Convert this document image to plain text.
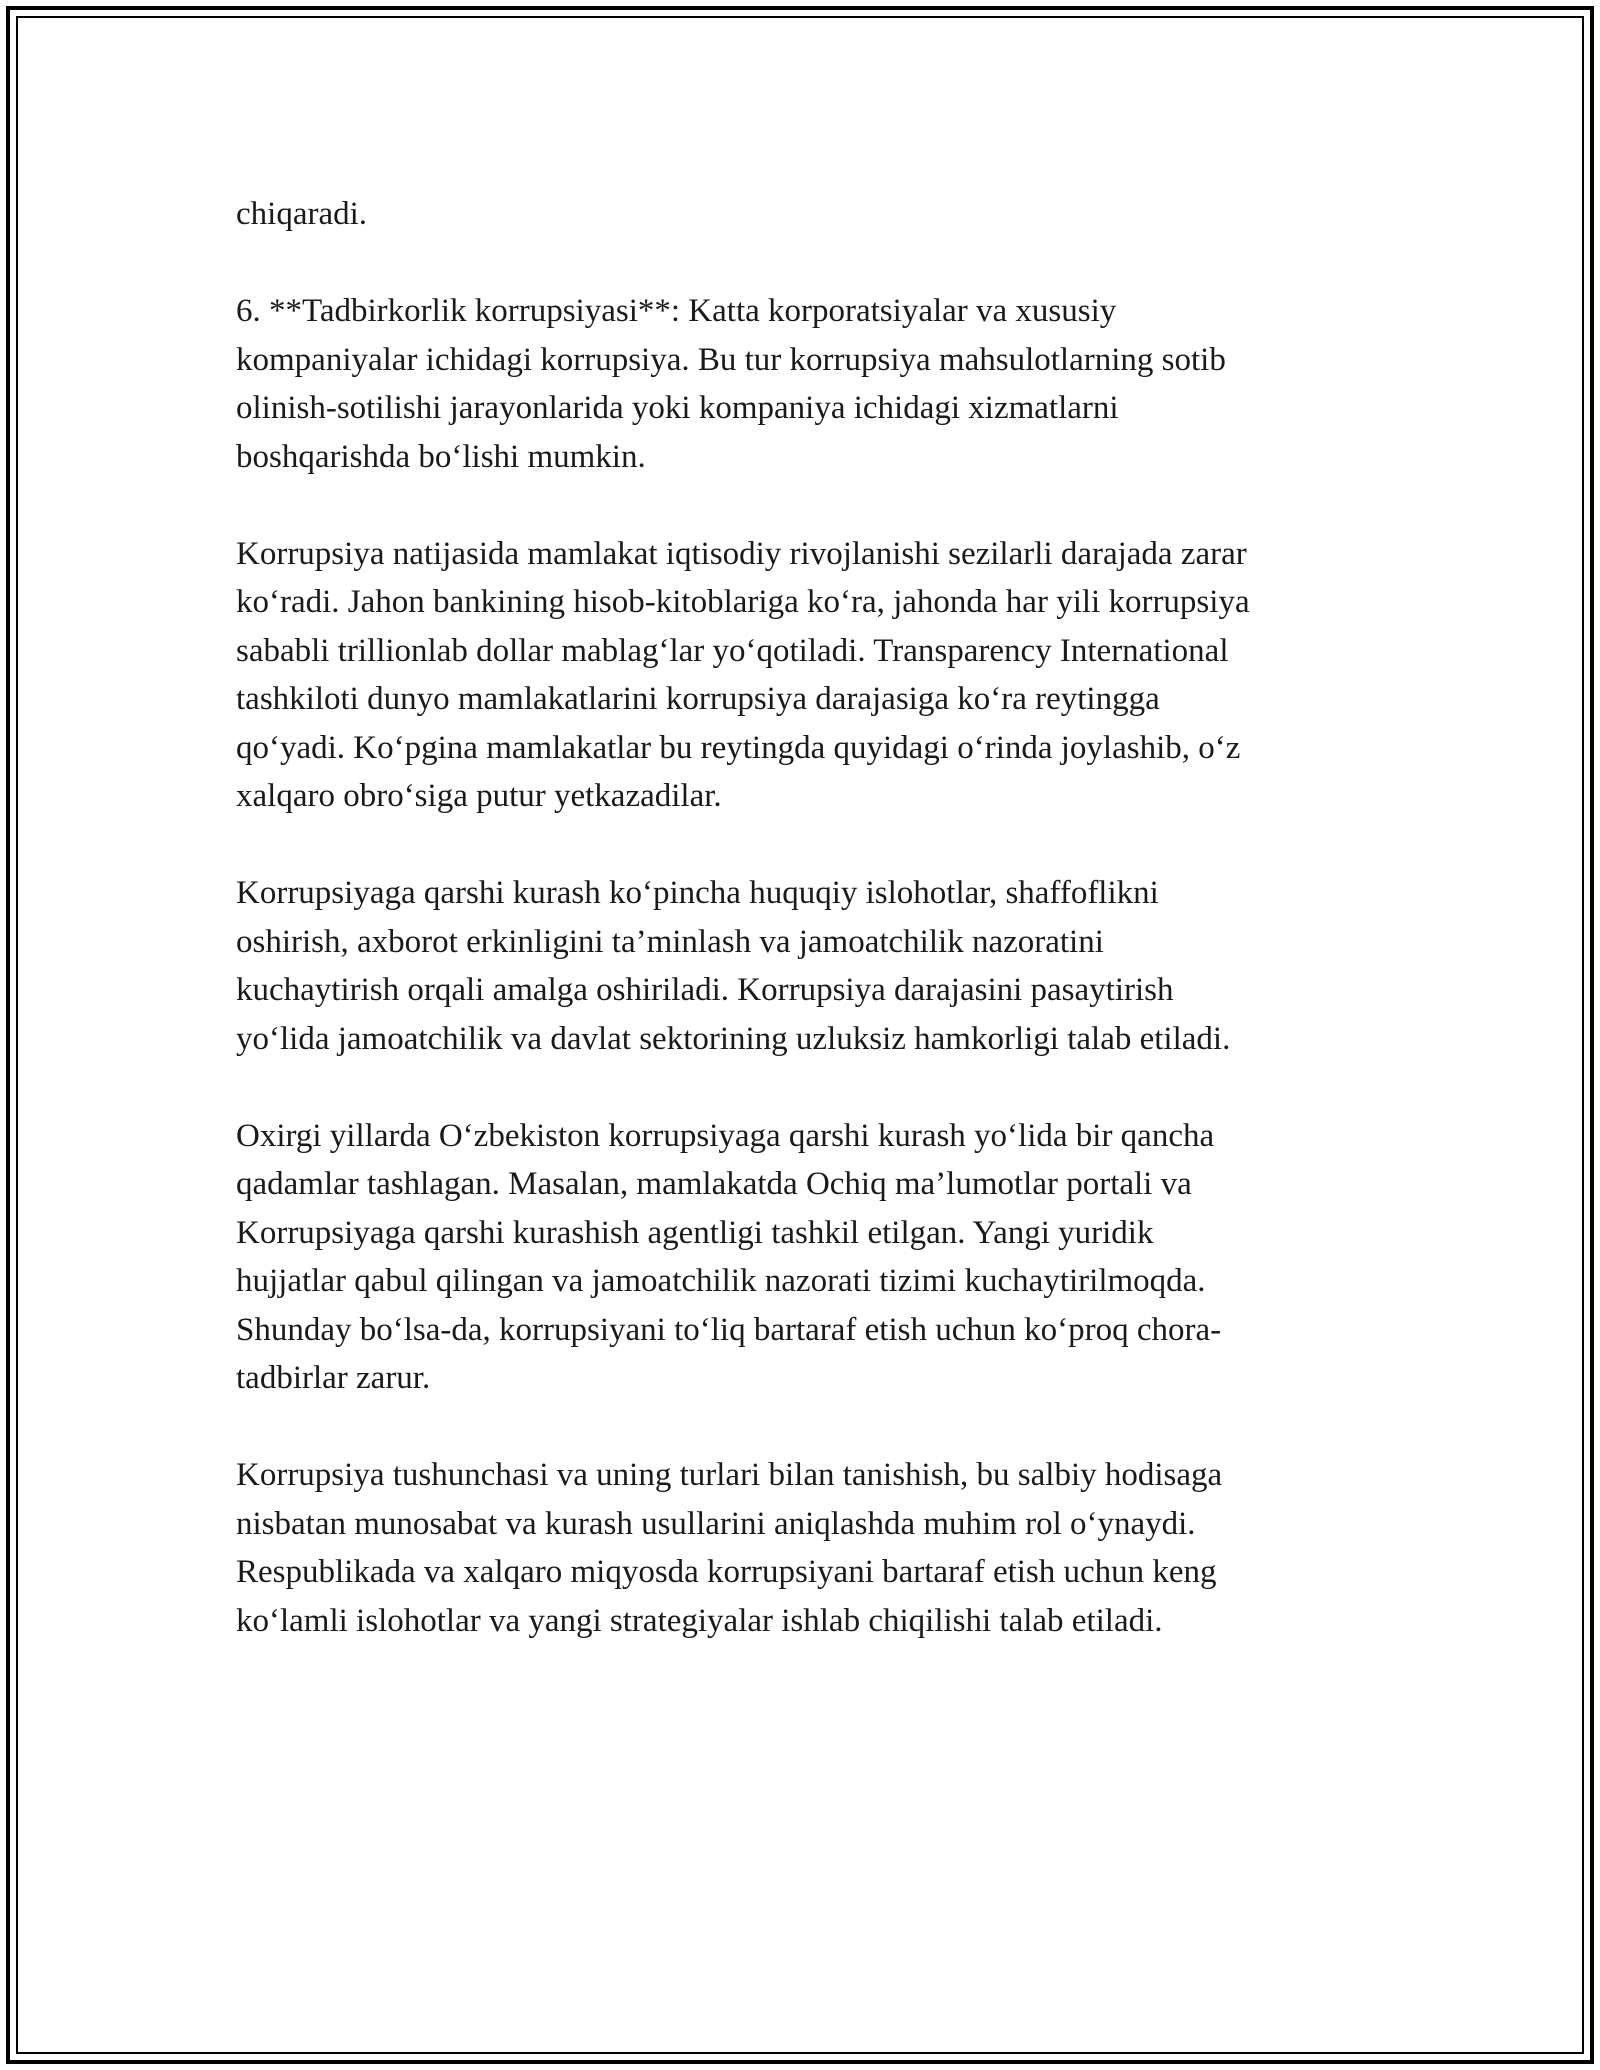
chiqaradi.

6. **Tadbirkorlik korrupsiyasi**: Katta korporatsiyalar va xususiy
kompaniyalar ichidagi korrupsiya. Bu tur korrupsiya mahsulotlarning sotib
olinish-sotilishi jarayonlarida yoki kompaniya ichidagi xizmatlarni
boshqarishda bo‘lishi mumkin.

Korrupsiya natijasida mamlakat iqtisodiy rivojlanishi sezilarli darajada zarar
ko‘radi. Jahon bankining hisob-kitoblariga ko‘ra, jahonda har yili korrupsiya
sababli trillionlab dollar mablag‘lar yo‘qotiladi. Transparency International
tashkiloti dunyo mamlakatlarini korrupsiya darajasiga ko‘ra reytingga
qo‘yadi. Ko‘pgina mamlakatlar bu reytingda quyidagi o‘rinda joylashib, o‘z
xalqaro obro‘siga putur yetkazadilar.

Korrupsiyaga qarshi kurash ko‘pincha huquqiy islohotlar, shaffoflikni
oshirish, axborot erkinligini ta’minlash va jamoatchilik nazoratini
kuchaytirish orqali amalga oshiriladi. Korrupsiya darajasini pasaytirish
yo‘lida jamoatchilik va davlat sektorining uzluksiz hamkorligi talab etiladi.

Oxirgi yillarda O‘zbekiston korrupsiyaga qarshi kurash yo‘lida bir qancha
qadamlar tashlagan. Masalan, mamlakatda Ochiq ma’lumotlar portali va
Korrupsiyaga qarshi kurashish agentligi tashkil etilgan. Yangi yuridik
hujjatlar qabul qilingan va jamoatchilik nazorati tizimi kuchaytirilmoqda.
Shunday bo‘lsa-da, korrupsiyani to‘liq bartaraf etish uchun ko‘proq chora-
tadbirlar zarur.

Korrupsiya tushunchasi va uning turlari bilan tanishish, bu salbiy hodisaga
nisbatan munosabat va kurash usullarini aniqlashda muhim rol o‘ynaydi.
Respublikada va xalqaro miqyosda korrupsiyani bartaraf etish uchun keng
ko‘lamli islohotlar va yangi strategiyalar ishlab chiqilishi talab etiladi.
